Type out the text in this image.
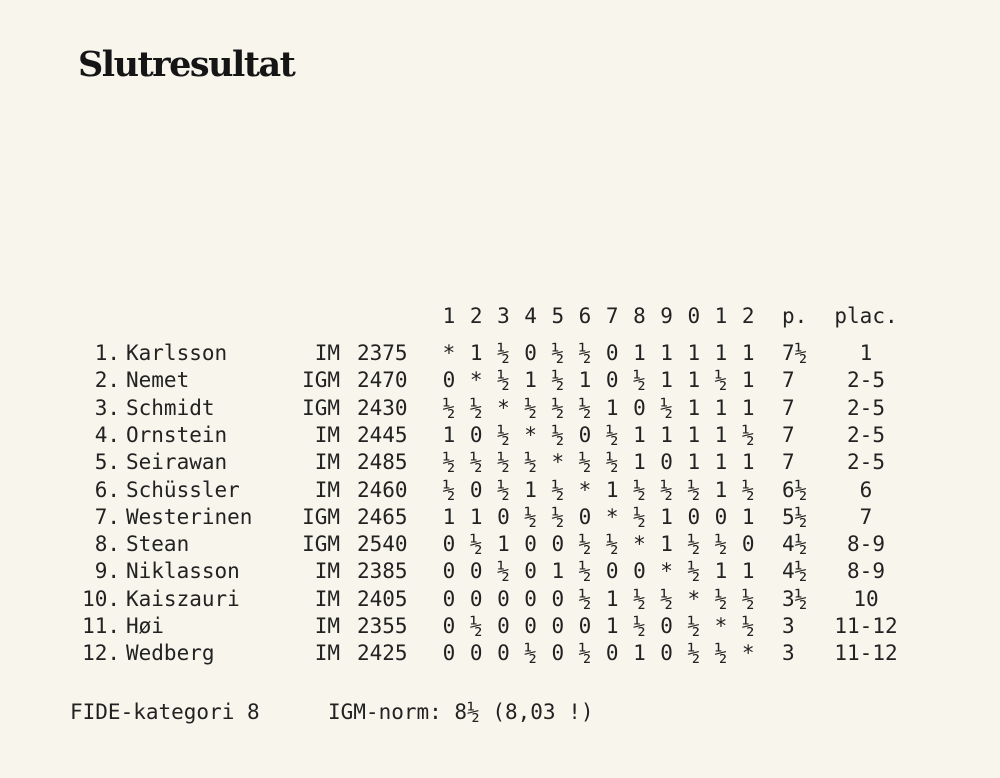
Slutresultat
1 2 3 4 5 6 7 8 9 0 1 2	p.	plac.
1. Karlsson	IM 2375	* 1 ½ 0 ½ ½ 0 1 1 1 1 1	7½	1
2. Nemet	IGM 2470	0 * ½ 1 ½ 1 0 ½ 1 1 ½ 1	7	2-5
3. Schmidt	IGM 2430	½ ½ * ½ ½ ½ 1 0 ½ 1 1 1	7	2-5
4. Ornstein	IM 2445	1 0 ½ * ½ 0 ½ 1 1 1 1 ½	7	2-5
5. Seirawan	IM 2485	½ ½ ½ ½ * ½ ½ 1 0 1 1 1	7	2-5
6. Schüssler	IM 2460	½ 0 ½ 1 ½ * 1 ½ ½ ½ 1 ½	6½	6
7. Westerinen	IGM 2465	1 1 0 ½ ½ 0 * ½ 1 0 0 1	5½	7
8. Stean	IGM 2540	0 ½ 1 0 0 ½ ½ * 1 ½ ½ 0	4½	8-9
9. Niklasson	IM 2385	0 0 ½ 0 1 ½ 0 0 * ½ 1 1	4½	8-9
10. Kaiszauri	IM 2405	0 0 0 0 0 ½ 1 ½ ½ * ½ ½	3½	10
11. Høi	IM 2355	0 ½ 0 0 0 0 1 ½ 0 ½ * ½	3	11-12
12. Wedberg	IM 2425	0 0 0 ½ 0 ½ 0 1 0 ½ ½ *	3	11-12
FIDE-kategori 8	IGM-norm: 8½ (8,03 !)
